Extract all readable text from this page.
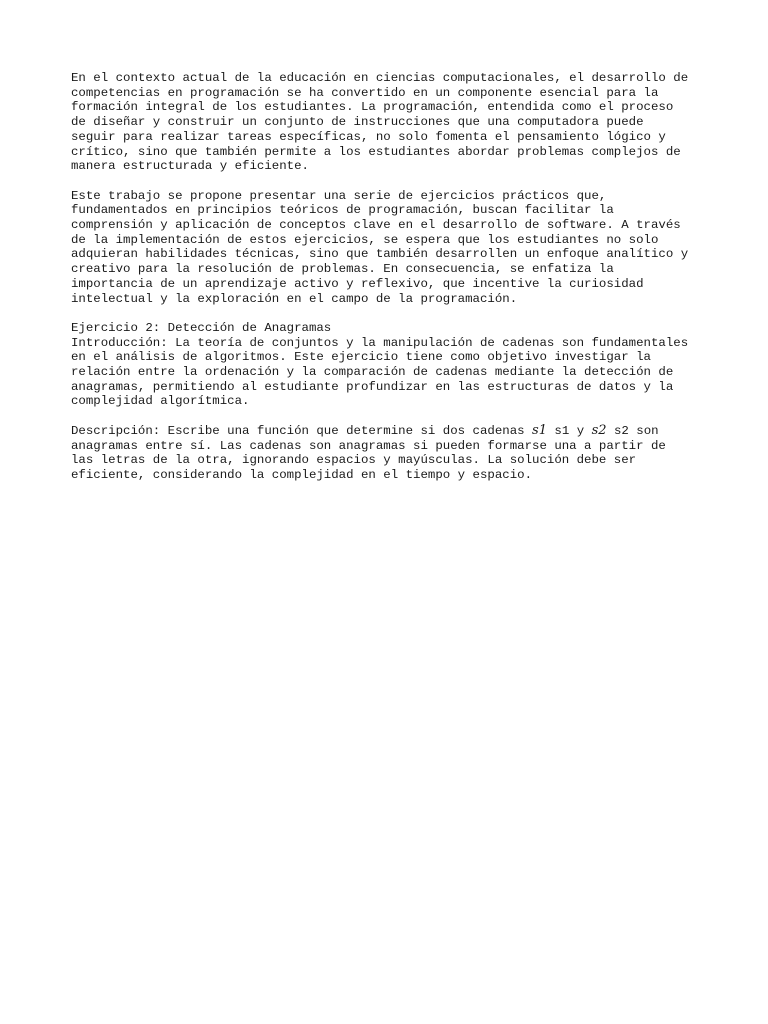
En el contexto actual de la educación en ciencias computacionales, el desarrollo de
competencias en programación se ha convertido en un componente esencial para la
formación integral de los estudiantes. La programación, entendida como el proceso
de diseñar y construir un conjunto de instrucciones que una computadora puede
seguir para realizar tareas específicas, no solo fomenta el pensamiento lógico y
crítico, sino que también permite a los estudiantes abordar problemas complejos de
manera estructurada y eficiente.

Este trabajo se propone presentar una serie de ejercicios prácticos que,
fundamentados en principios teóricos de programación, buscan facilitar la
comprensión y aplicación de conceptos clave en el desarrollo de software. A través
de la implementación de estos ejercicios, se espera que los estudiantes no solo
adquieran habilidades técnicas, sino que también desarrollen un enfoque analítico y
creativo para la resolución de problemas. En consecuencia, se enfatiza la
importancia de un aprendizaje activo y reflexivo, que incentive la curiosidad
intelectual y la exploración en el campo de la programación.

Ejercicio 2: Detección de Anagramas

Introducción: La teoría de conjuntos y la manipulación de cadenas son fundamentales
en el análisis de algoritmos. Este ejercicio tiene como objetivo investigar la
relación entre la ordenación y la comparación de cadenas mediante la detección de
anagramas, permitiendo al estudiante profundizar en las estructuras de datos y la
complejidad algorítmica.

Descripción: Escribe una función que determine si dos cadenas s1 s1 y s2 s2 son
anagramas entre sí. Las cadenas son anagramas si pueden formarse una a partir de
las letras de la otra, ignorando espacios y mayúsculas. La solución debe ser
eficiente, considerando la complejidad en el tiempo y espacio.
